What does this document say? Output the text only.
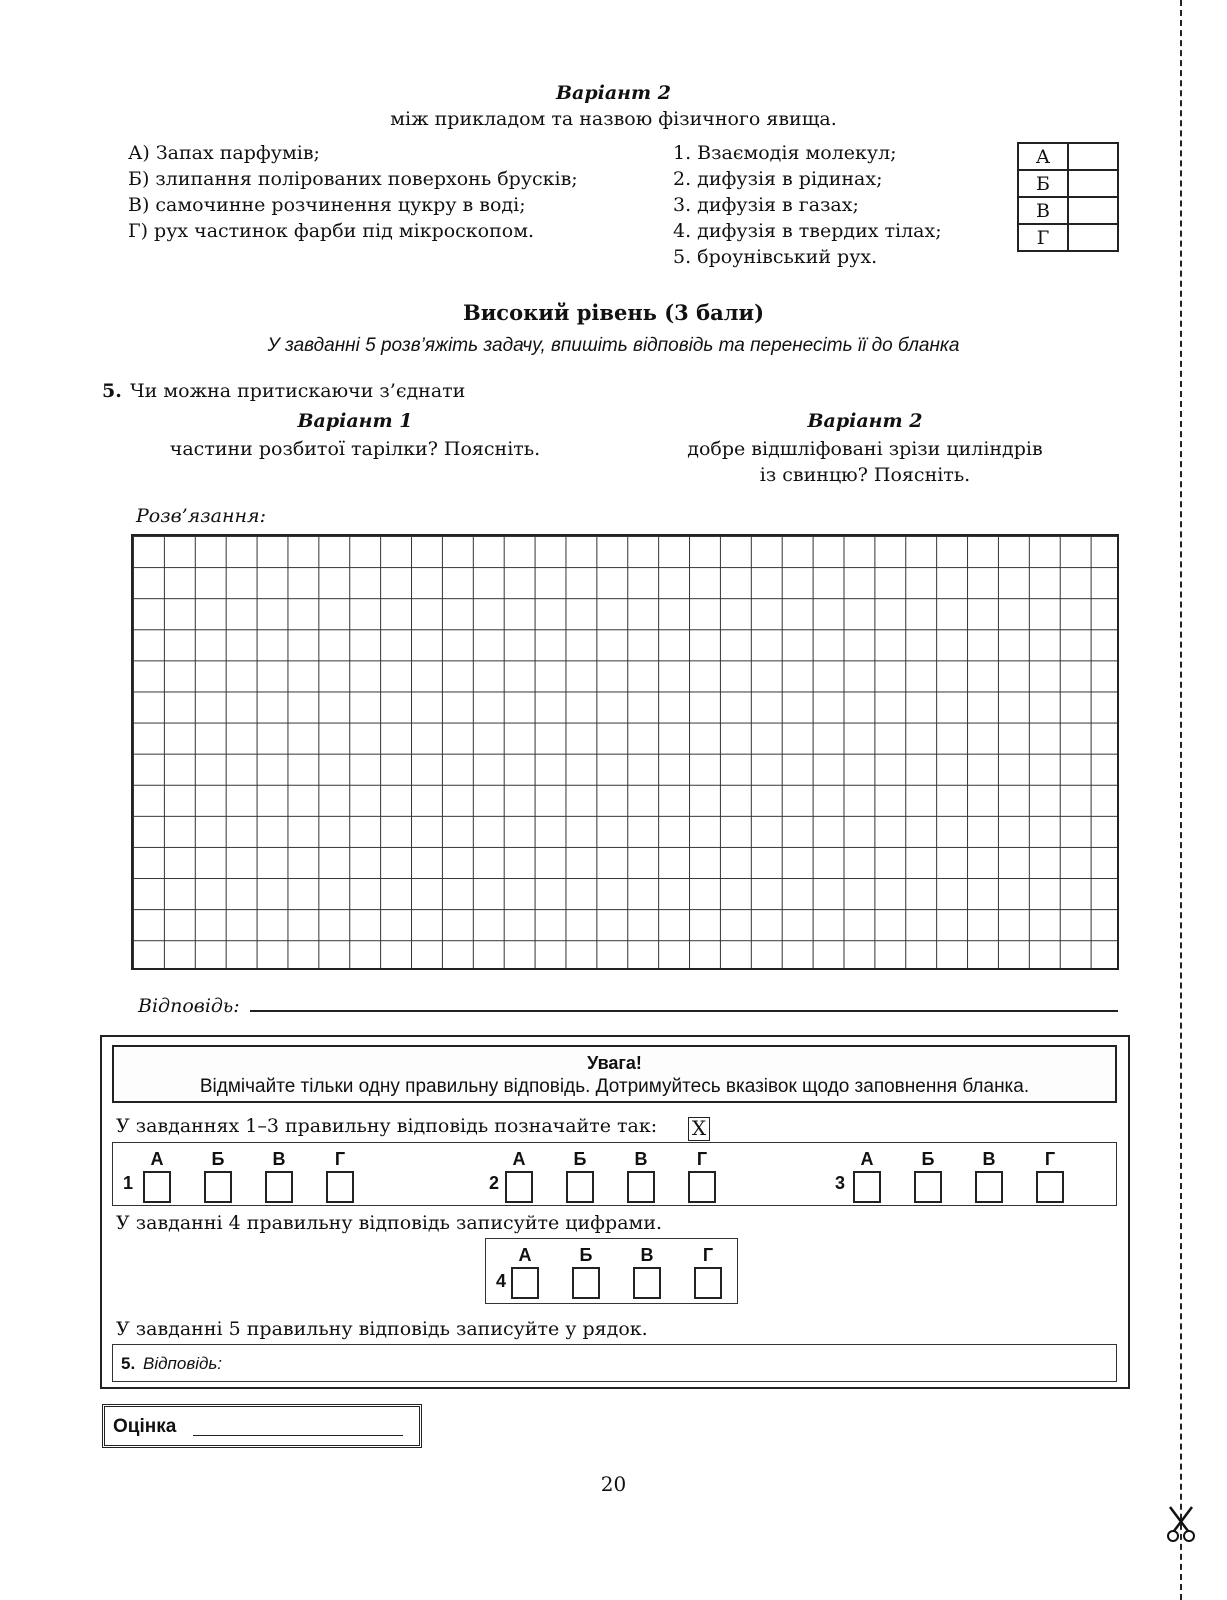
Варіант 2
між прикладом та назвою фізичного явища.
А) Запах парфумів;
Б) злипання полірованих поверхонь брусків;
В) самочинне розчинення цукру в воді;
Г) рух частинок фарби під мікроскопом.
1. Взаємодія молекул;
2. дифузія в рідинах;
3. дифузія в газах;
4. дифузія в твердих тілах;
5. броунівський рух.
А	
Б	
В	
Г	
Високий рівень (3 бали)
У завданні 5 розв’яжіть задачу, впишіть відповідь та перенесіть її до бланка
5. Чи можна притискаючи з’єднати
Варіант 1
частини розбитої тарілки? Поясніть.
Варіант 2
добре відшліфовані зрізи циліндрів
із свинцю? Поясніть.
Розв’язання:
Відповідь:
Увага!
Відмічайте тільки одну правильну відповідь. Дотримуйтесь вказівок щодо заповнення бланка.
У завданнях 1–3 правильну відповідь позначайте так: X
1
А	Б	В	Г
2
А	Б	В	Г
3
А	Б	В	Г
У завданні 4 правильну відповідь записуйте цифрами.
4
А	Б	В	Г
У завданні 5 правильну відповідь записуйте у рядок.
5. Відповідь:
Оцінка
20
